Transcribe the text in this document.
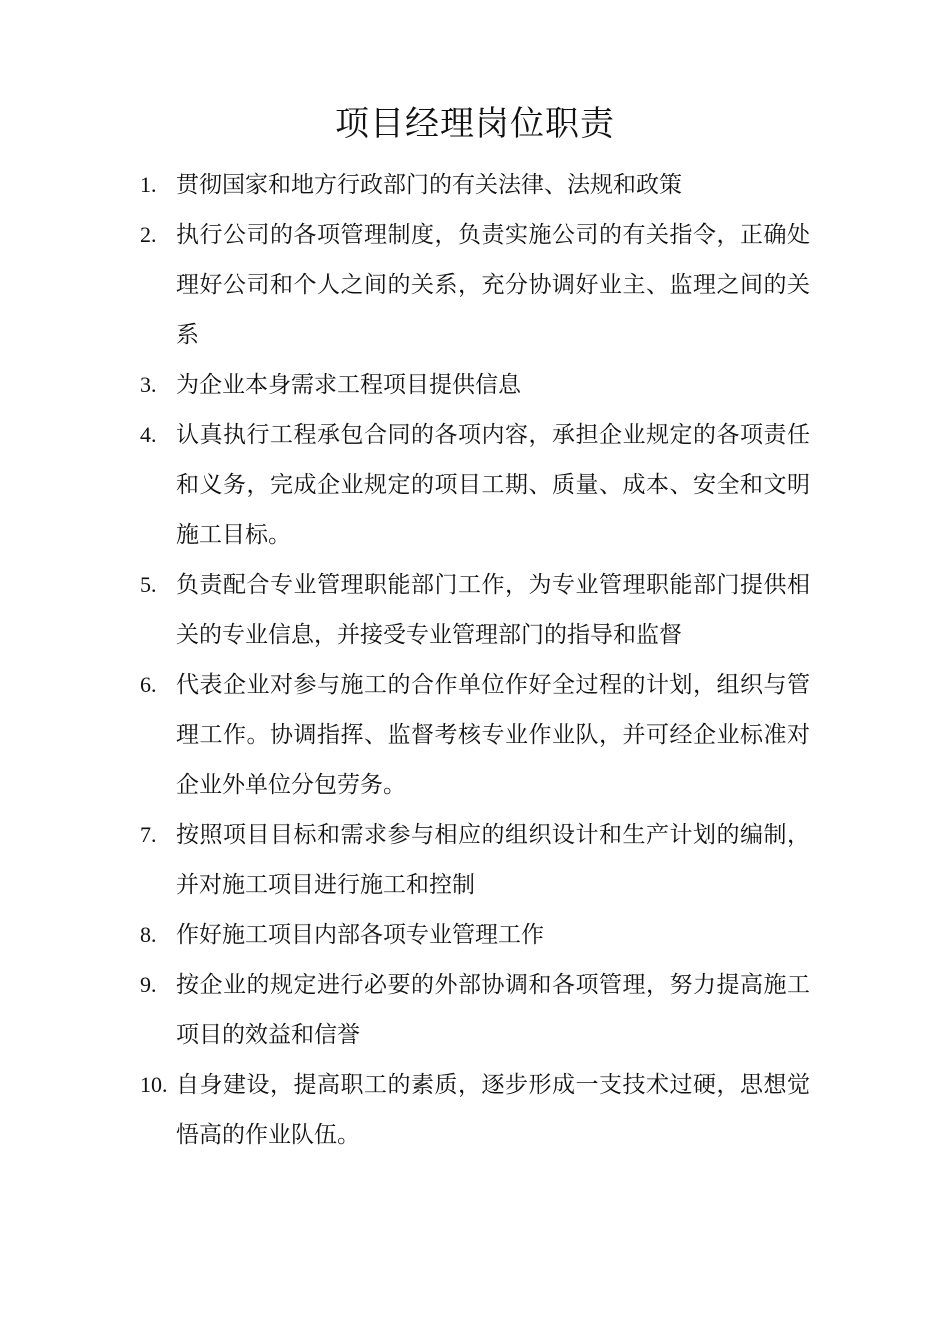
项目经理岗位职责
1. 贯彻国家和地方行政部门的有关法律、法规和政策
2. 执行公司的各项管理制度，负责实施公司的有关指令，正确处理好公司和个人之间的关系，充分协调好业主、监理之间的关系
3. 为企业本身需求工程项目提供信息
4. 认真执行工程承包合同的各项内容，承担企业规定的各项责任和义务，完成企业规定的项目工期、质量、成本、安全和文明施工目标。
5. 负责配合专业管理职能部门工作，为专业管理职能部门提供相关的专业信息，并接受专业管理部门的指导和监督
6. 代表企业对参与施工的合作单位作好全过程的计划，组织与管理工作。协调指挥、监督考核专业作业队，并可经企业标准对企业外单位分包劳务。
7. 按照项目目标和需求参与相应的组织设计和生产计划的编制，并对施工项目进行施工和控制
8. 作好施工项目内部各项专业管理工作
9. 按企业的规定进行必要的外部协调和各项管理，努力提高施工项目的效益和信誉
10. 自身建设，提高职工的素质，逐步形成一支技术过硬，思想觉悟高的作业队伍。
